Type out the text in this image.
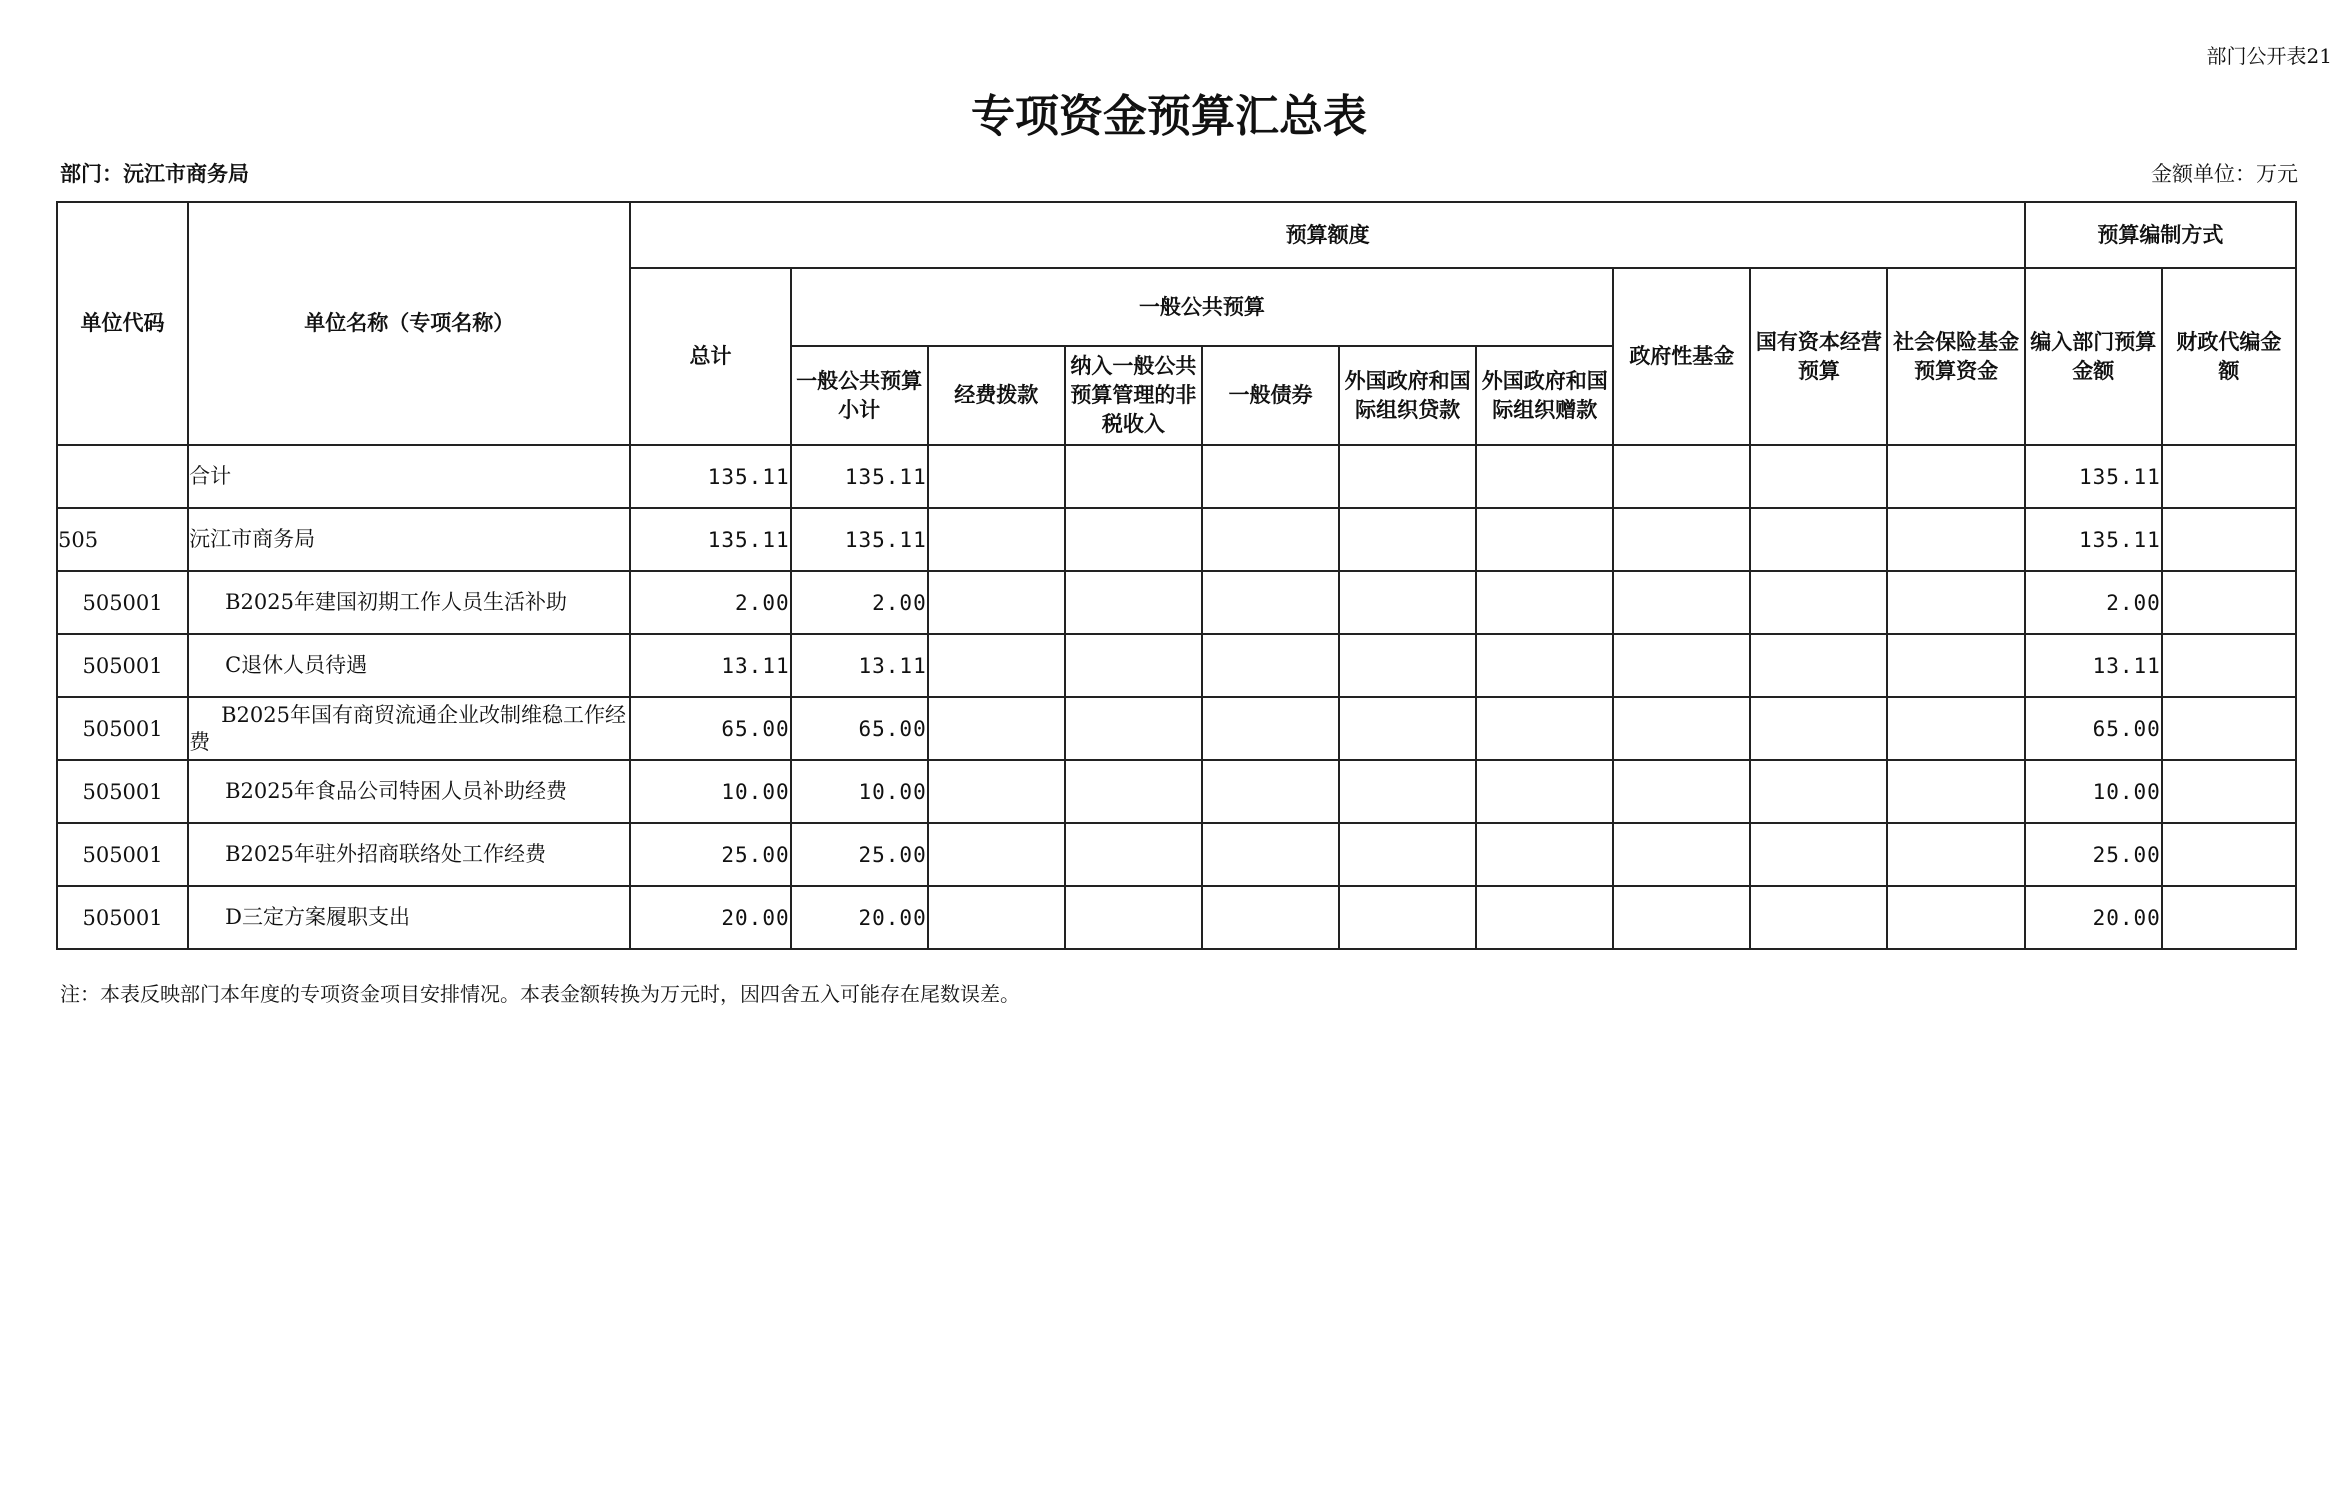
部门公开表21
专项资金预算汇总表
部门：沅江市商务局	金额单位：万元
单位代码	单位名称（专项名称）	预算额度										预算编制方式	
		总计	一般公共预算						政府性基金	国有资本经营预算	社会保险基金预算资金	编入部门预算金额	财政代编金额
			一般公共预算小计	经费拨款	纳入一般公共预算管理的非税收入	一般债券	外国政府和国际组织贷款	外国政府和国际组织赠款					
	合计	135.11	135.11									135.11	
505	沅江市商务局	135.11	135.11									135.11	
505001	B2025年建国初期工作人员生活补助	2.00	2.00									2.00	
505001	C退休人员待遇	13.11	13.11									13.11	
505001	B2025年国有商贸流通企业改制维稳工作经费	65.00	65.00									65.00	
505001	B2025年食品公司特困人员补助经费	10.00	10.00									10.00	
505001	B2025年驻外招商联络处工作经费	25.00	25.00									25.00	
505001	D三定方案履职支出	20.00	20.00									20.00	
注：本表反映部门本年度的专项资金项目安排情况。本表金额转换为万元时，因四舍五入可能存在尾数误差。
